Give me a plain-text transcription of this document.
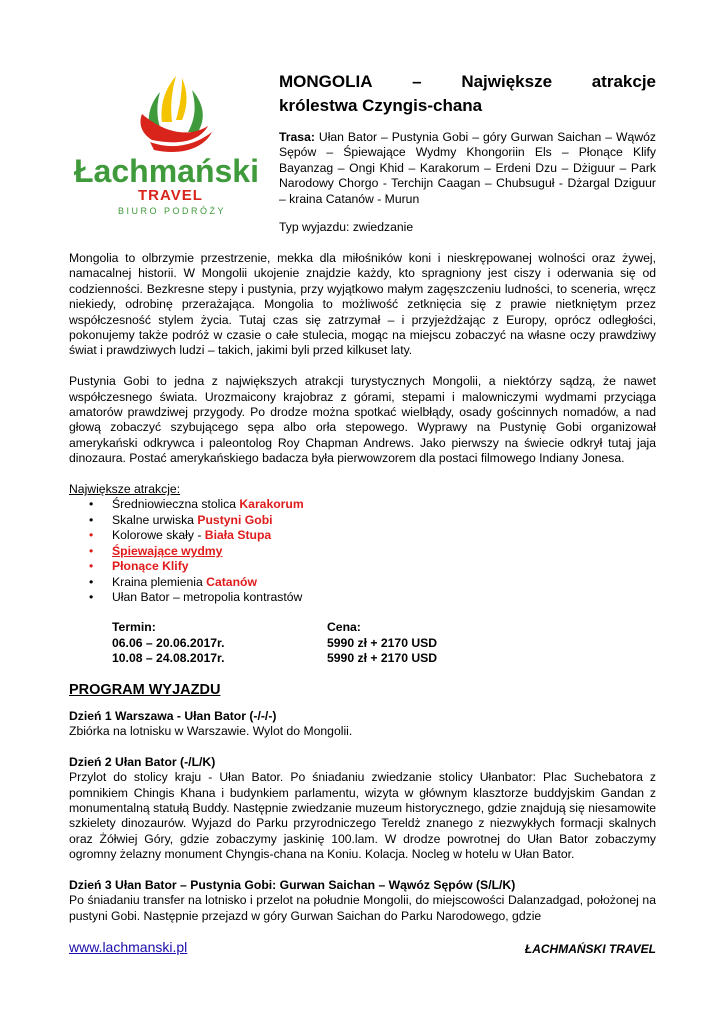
Łachmański
TRAVEL
BIURO PODRÓŻY
MONGOLIA – Największe atrakcje
królestwa Czyngis-chana
Trasa: Ułan Bator – Pustynia Gobi – góry Gurwan Saichan – Wąwóz Sępów – Śpiewające Wydmy Khongoriin Els – Płonące Klify Bayanzag – Ongi Khid – Karakorum – Erdeni Dzu – Dżiguur – Park Narodowy Chorgo - Terchijn Caagan – Chubsuguł - Dżargal Dziguur – kraina Catanów - Murun
Typ wyjazdu: zwiedzanie

Mongolia to olbrzymie przestrzenie, mekka dla miłośników koni i nieskrępowanej wolności oraz żywej, namacalnej historii. W Mongolii ukojenie znajdzie każdy, kto spragniony jest ciszy i oderwania się od codzienności. Bezkresne stepy i pustynia, przy wyjątkowo małym zagęszczeniu ludności, to sceneria, wręcz niekiedy, odrobinę przerażająca. Mongolia to możliwość zetknięcia się z prawie nietkniętym przez współczesność stylem życia. Tutaj czas się zatrzymał – i przyjeżdżając z Europy, oprócz odległości, pokonujemy także podróż w czasie o całe stulecia, mogąc na miejscu zobaczyć na własne oczy prawdziwy świat i prawdziwych ludzi – takich, jakimi byli przed kilkuset laty.

Pustynia Gobi to jedna z największych atrakcji turystycznych Mongolii, a niektórzy sądzą, że nawet współczesnego świata. Urozmaicony krajobraz z górami, stepami i malowniczymi wydmami przyciąga amatorów prawdziwej przygody. Po drodze można spotkać wielbłądy, osady gościnnych nomadów, a nad głową zobaczyć szybującego sępa albo orła stepowego. Wyprawy na Pustynię Gobi organizował amerykański odkrywca i paleontolog Roy Chapman Andrews. Jako pierwszy na świecie odkrył tutaj jaja dinozaura. Postać amerykańskiego badacza była pierwowzorem dla postaci filmowego Indiany Jonesa.

Największe atrakcje:
• Średniowieczna stolica Karakorum
• Skalne urwiska Pustyni Gobi
• Kolorowe skały - Biała Stupa
• Śpiewające wydmy
• Płonące Klify
• Kraina plemienia Catanów
• Ułan Bator – metropolia kontrastów
Termin:
06.06 – 20.06.2017r.
10.08 – 24.08.2017r.
Cena:
5990 zł + 2170 USD
5990 zł + 2170 USD
PROGRAM WYJAZDU
Dzień 1 Warszawa - Ułan Bator (-/-/-)

Zbiórka na lotnisku w Warszawie. Wylot do Mongolii.

Dzień 2 Ułan Bator (-/L/K)

Przylot do stolicy kraju - Ułan Bator. Po śniadaniu zwiedzanie stolicy Ułanbator: Plac Suchebatora z pomnikiem Chingis Khana i budynkiem parlamentu, wizyta w głównym klasztorze buddyjskim Gandan z monumentalną statułą Buddy. Następnie zwiedzanie muzeum historycznego, gdzie znajdują się niesamowite szkielety dinozaurów. Wyjazd do Parku przyrodniczego Tereldż znanego z niezwykłych formacji skalnych oraz Żółwiej Góry, gdzie zobaczymy jaskinię 100.lam. W drodze powrotnej do Ułan Bator zobaczymy ogromny żelazny monument Chyngis-chana na Koniu. Kolacja. Nocleg w hotelu w Ułan Bator.

Dzień 3 Ułan Bator – Pustynia Gobi: Gurwan Saichan – Wąwóz Sępów (S/L/K)

Po śniadaniu transfer na lotnisko i przelot na południe Mongolii, do miejscowości Dalanzadgad, położonej na pustyni Gobi. Następnie przejazd w góry Gurwan Saichan do Parku Narodowego, gdzie

www.lachmanski.pl	ŁACHMAŃSKI TRAVEL
